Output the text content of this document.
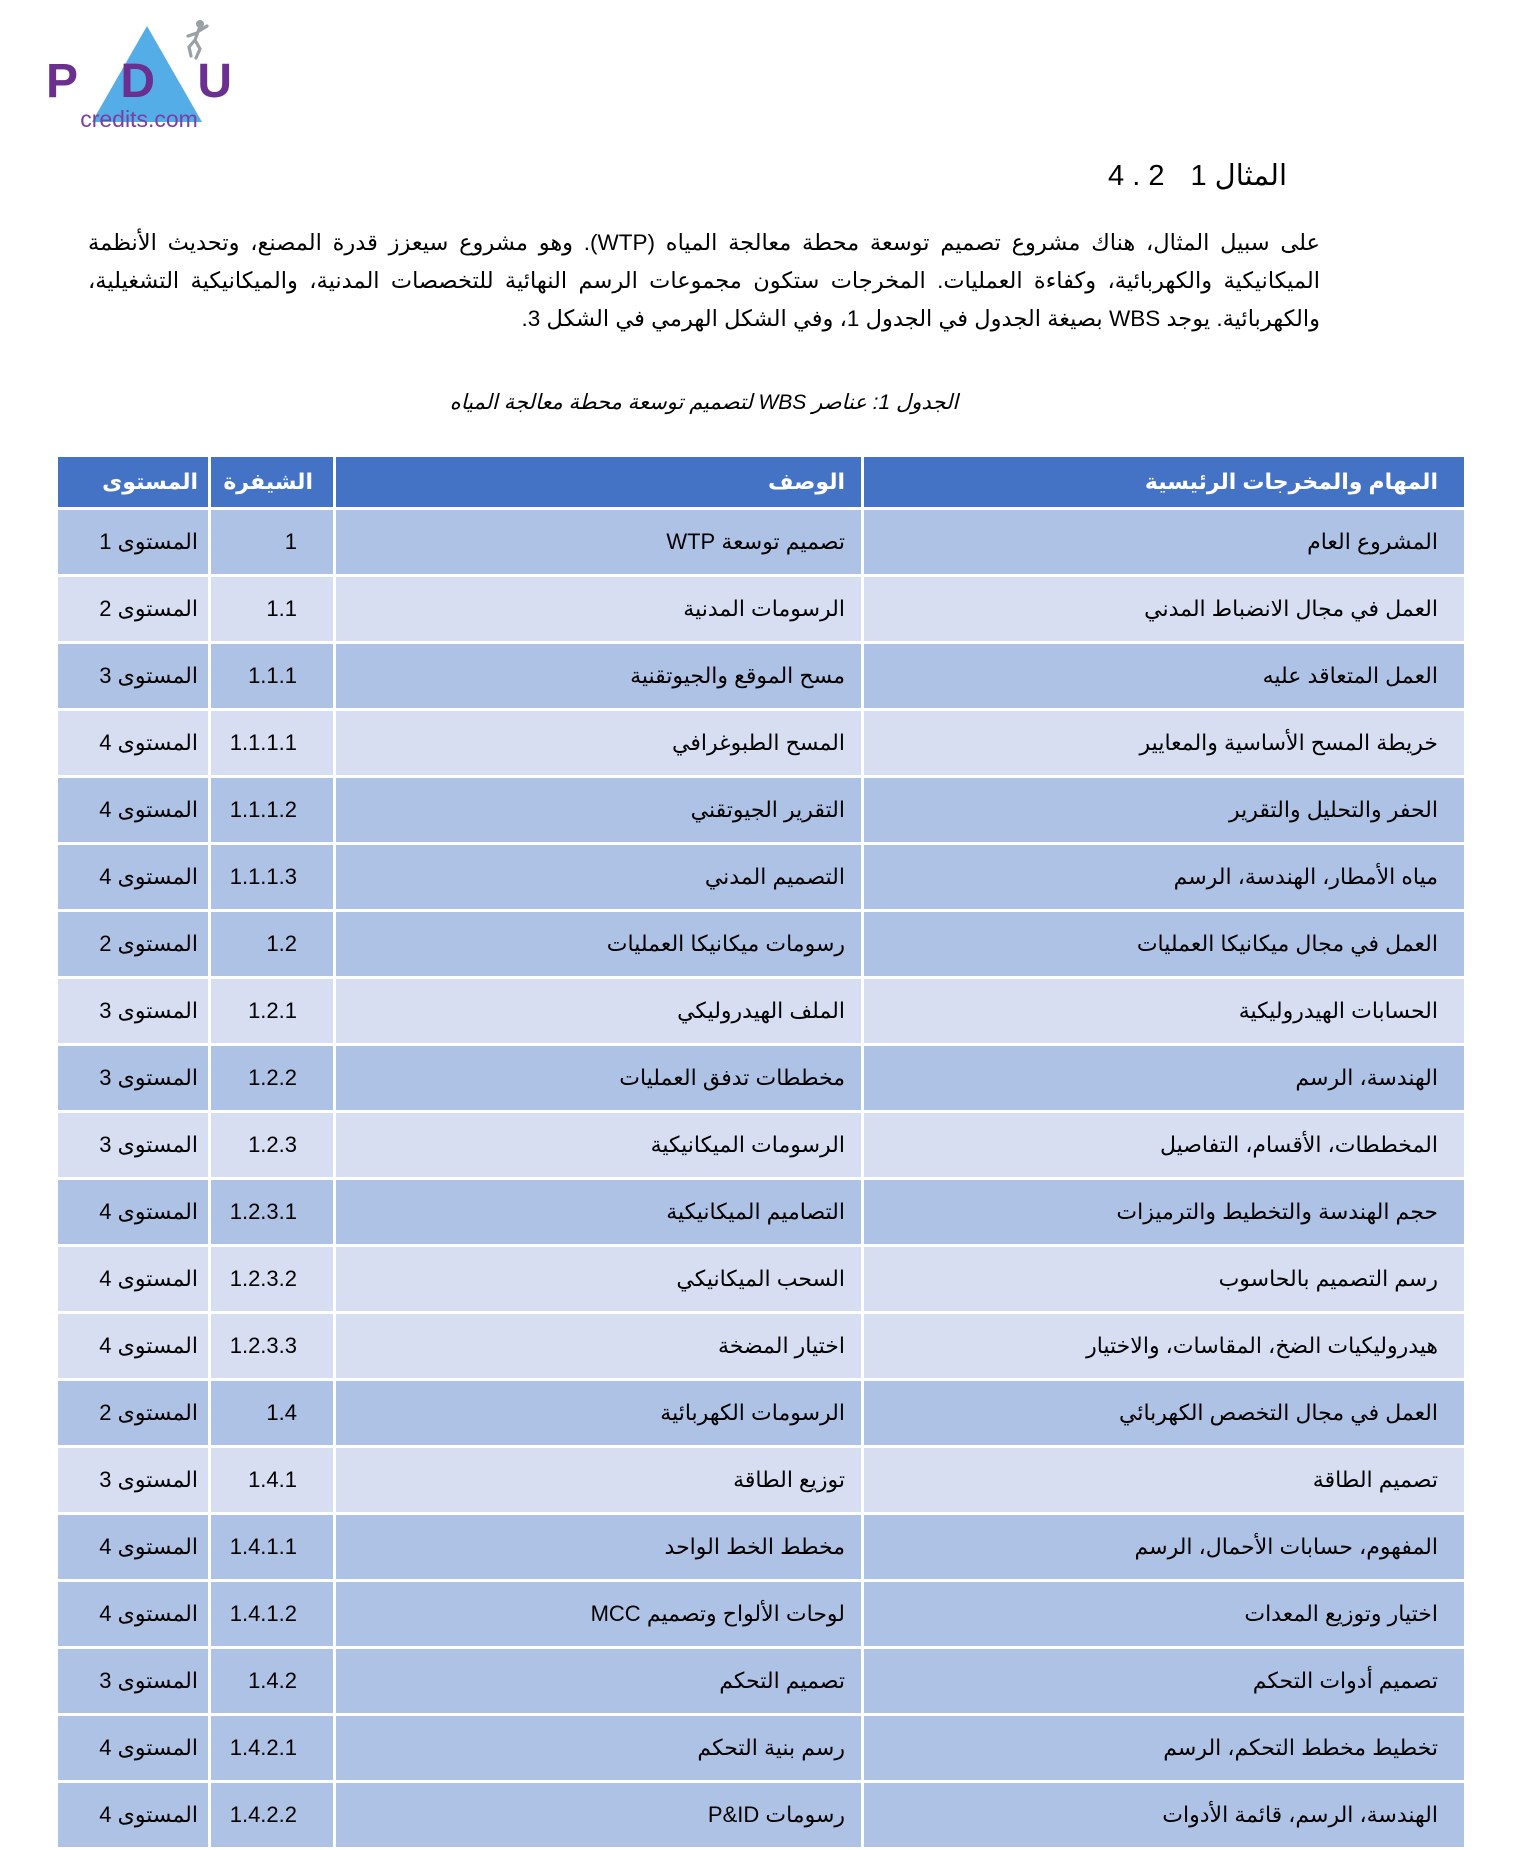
P D U
credits.com
4 . 2 المثال 1
على سبيل المثال، هناك مشروع تصميم توسعة محطة معالجة المياه (WTP). وهو مشروع سيعزز قدرة المصنع، وتحديث الأنظمة الميكانيكية والكهربائية، وكفاءة العمليات. المخرجات ستكون مجموعات الرسم النهائية للتخصصات المدنية، والميكانيكية التشغيلية، والكهربائية. يوجد WBS بصيغة الجدول في الجدول 1، وفي الشكل الهرمي في الشكل 3.
الجدول 1: عناصر WBS لتصميم توسعة محطة معالجة المياه
المهام والمخرجات الرئيسية	الوصف	الشيفرة	المستوى
المشروع العام	تصميم توسعة WTP	1	المستوى 1
العمل في مجال الانضباط المدني	الرسومات المدنية	1.1	المستوى 2
العمل المتعاقد عليه	مسح الموقع والجيوتقنية	1.1.1	المستوى 3
خريطة المسح الأساسية والمعايير	المسح الطبوغرافي	1.1.1.1	المستوى 4
الحفر والتحليل والتقرير	التقرير الجيوتقني	1.1.1.2	المستوى 4
مياه الأمطار، الهندسة، الرسم	التصميم المدني	1.1.1.3	المستوى 4
العمل في مجال ميكانيكا العمليات	رسومات ميكانيكا العمليات	1.2	المستوى 2
الحسابات الهيدروليكية	الملف الهيدروليكي	1.2.1	المستوى 3
الهندسة، الرسم	مخططات تدفق العمليات	1.2.2	المستوى 3
المخططات، الأقسام، التفاصيل	الرسومات الميكانيكية	1.2.3	المستوى 3
حجم الهندسة والتخطيط والترميزات	التصاميم الميكانيكية	1.2.3.1	المستوى 4
رسم التصميم بالحاسوب	السحب الميكانيكي	1.2.3.2	المستوى 4
هيدروليكيات الضخ، المقاسات، والاختيار	اختيار المضخة	1.2.3.3	المستوى 4
العمل في مجال التخصص الكهربائي	الرسومات الكهربائية	1.4	المستوى 2
تصميم الطاقة	توزيع الطاقة	1.4.1	المستوى 3
المفهوم، حسابات الأحمال، الرسم	مخطط الخط الواحد	1.4.1.1	المستوى 4
اختيار وتوزيع المعدات	لوحات الألواح وتصميم MCC	1.4.1.2	المستوى 4
تصميم أدوات التحكم	تصميم التحكم	1.4.2	المستوى 3
تخطيط مخطط التحكم، الرسم	رسم بنية التحكم	1.4.2.1	المستوى 4
الهندسة، الرسم، قائمة الأدوات	رسومات P&ID	1.4.2.2	المستوى 4
